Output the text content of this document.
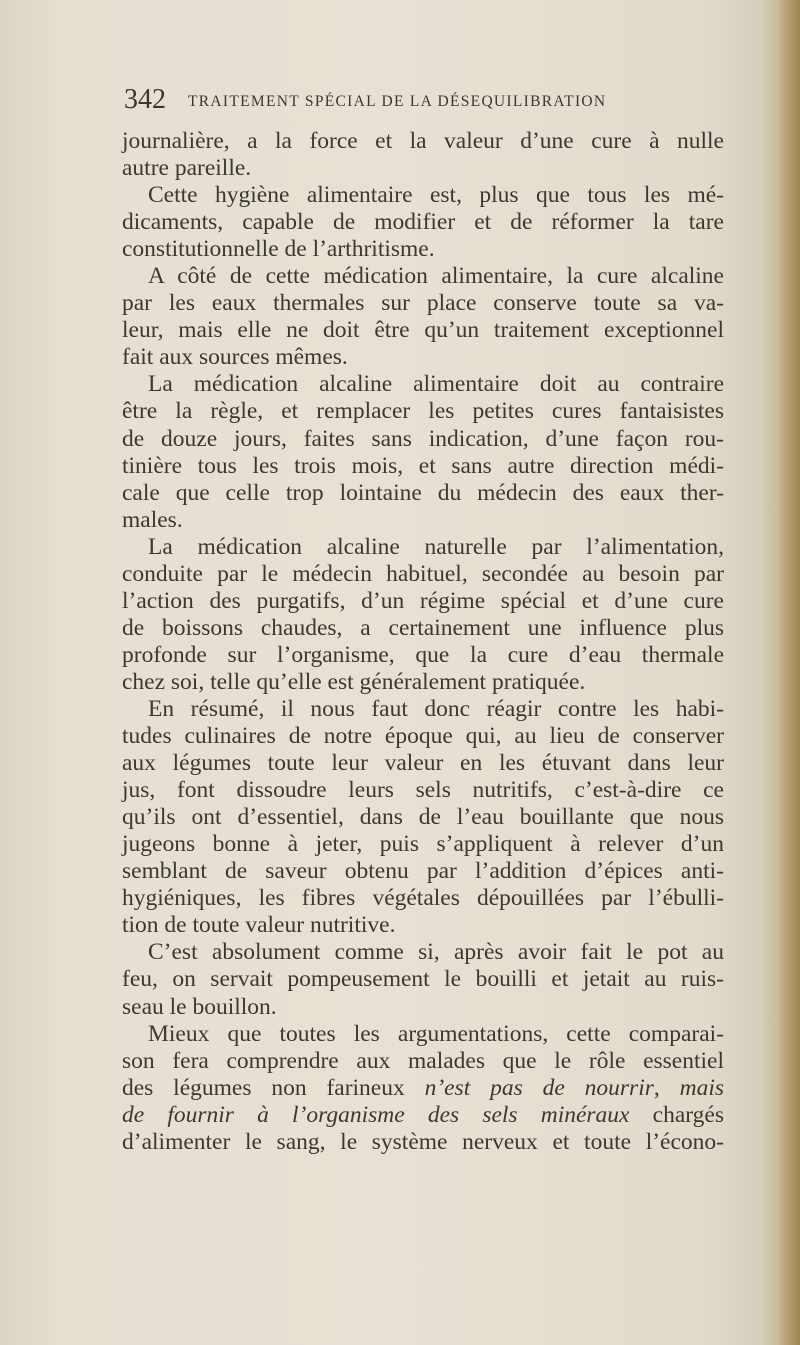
342 TRAITEMENT SPÉCIAL DE LA DÉSEQUILIBRATION
journalière, a la force et la valeur d’une cure à nulle
autre pareille.
Cette hygiène alimentaire est, plus que tous les mé-
dicaments, capable de modifier et de réformer la tare
constitutionnelle de l’arthritisme.
A côté de cette médication alimentaire, la cure alcaline
par les eaux thermales sur place conserve toute sa va-
leur, mais elle ne doit être qu’un traitement exceptionnel
fait aux sources mêmes.
La médication alcaline alimentaire doit au contraire
être la règle, et remplacer les petites cures fantaisistes
de douze jours, faites sans indication, d’une façon rou-
tinière tous les trois mois, et sans autre direction médi-
cale que celle trop lointaine du médecin des eaux ther-
males.
La médication alcaline naturelle par l’alimentation,
conduite par le médecin habituel, secondée au besoin par
l’action des purgatifs, d’un régime spécial et d’une cure
de boissons chaudes, a certainement une influence plus
profonde sur l’organisme, que la cure d’eau thermale
chez soi, telle qu’elle est généralement pratiquée.
En résumé, il nous faut donc réagir contre les habi-
tudes culinaires de notre époque qui, au lieu de conserver
aux légumes toute leur valeur en les étuvant dans leur
jus, font dissoudre leurs sels nutritifs, c’est-à-dire ce
qu’ils ont d’essentiel, dans de l’eau bouillante que nous
jugeons bonne à jeter, puis s’appliquent à relever d’un
semblant de saveur obtenu par l’addition d’épices anti-
hygiéniques, les fibres végétales dépouillées par l’ébulli-
tion de toute valeur nutritive.
C’est absolument comme si, après avoir fait le pot au
feu, on servait pompeusement le bouilli et jetait au ruis-
seau le bouillon.
Mieux que toutes les argumentations, cette comparai-
son fera comprendre aux malades que le rôle essentiel
des légumes non farineux n’est pas de nourrir, mais
de fournir à l’organisme des sels minéraux chargés
d’alimenter le sang, le système nerveux et toute l’écono-
